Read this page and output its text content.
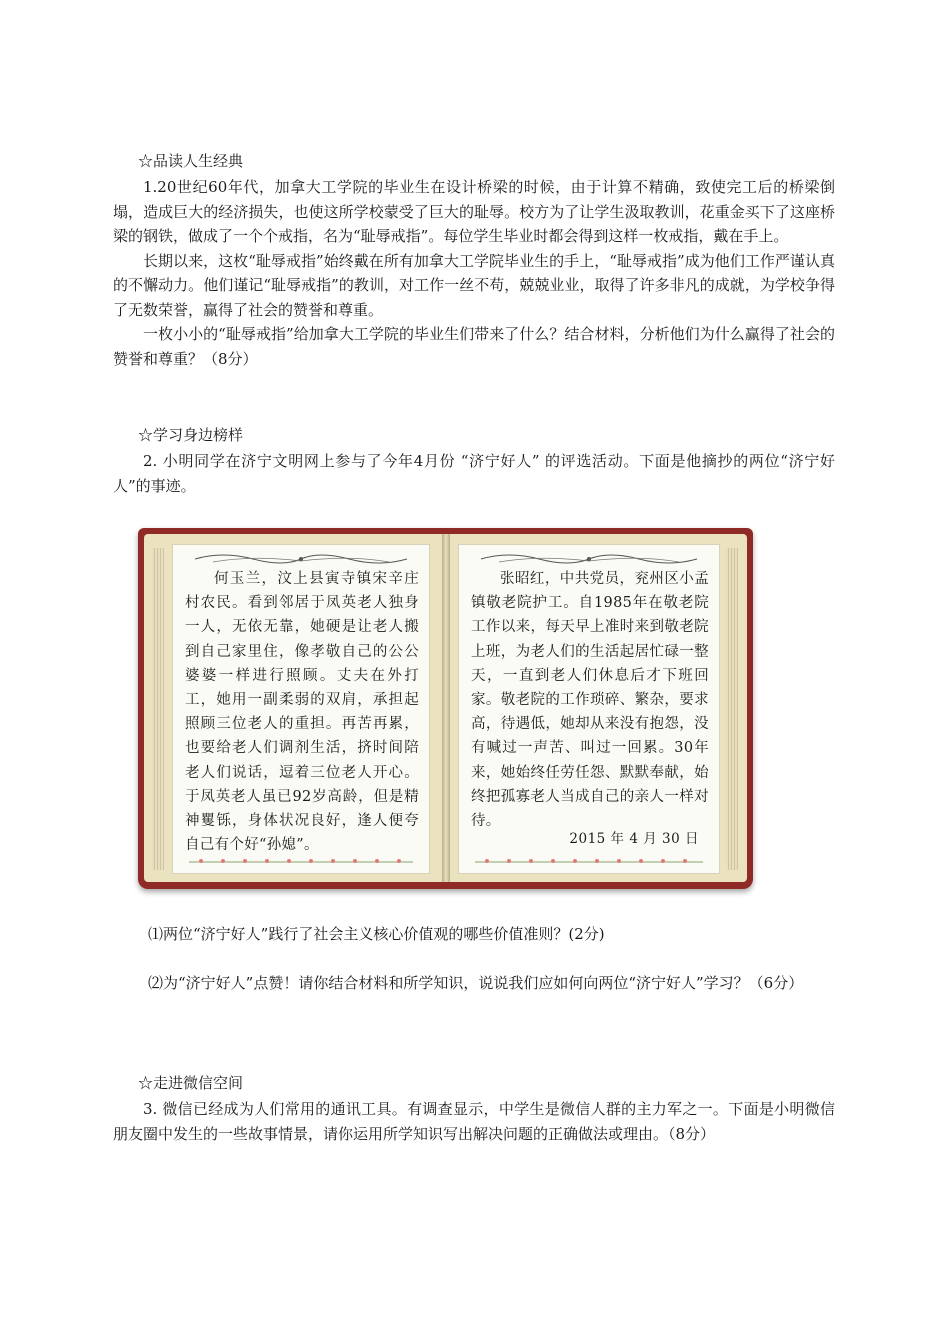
☆品读人生经典

1.20世纪60年代，加拿大工学院的毕业生在设计桥梁的时候，由于计算不精确，致使完工后的桥梁倒塌，造成巨大的经济损失，也使这所学校蒙受了巨大的耻辱。校方为了让学生汲取教训，花重金买下了这座桥梁的钢铁，做成了一个个戒指，名为“耻辱戒指”。每位学生毕业时都会得到这样一枚戒指，戴在手上。

长期以来，这枚“耻辱戒指”始终戴在所有加拿大工学院毕业生的手上，“耻辱戒指”成为他们工作严谨认真的不懈动力。他们谨记“耻辱戒指”的教训，对工作一丝不苟，兢兢业业，取得了许多非凡的成就，为学校争得了无数荣誉，赢得了社会的赞誉和尊重。

一枚小小的“耻辱戒指”给加拿大工学院的毕业生们带来了什么？结合材料，分析他们为什么赢得了社会的赞誉和尊重？（8分）

☆学习身边榜样

2. 小明同学在济宁文明网上参与了今年4月份 “济宁好人” 的评选活动。下面是他摘抄的两位“济宁好人”的事迹。

何玉兰，汶上县寅寺镇宋辛庄村农民。看到邻居于凤英老人独身一人，无依无靠，她硬是让老人搬到自己家里住，像孝敬自己的公公婆婆一样进行照顾。丈夫在外打工，她用一副柔弱的双肩，承担起照顾三位老人的重担。再苦再累，也要给老人们调剂生活，挤时间陪老人们说话，逗着三位老人开心。于凤英老人虽已92岁高龄，但是精神矍铄，身体状况良好，逢人便夸自己有个好“孙媳”。

张昭红，中共党员，兖州区小孟镇敬老院护工。自1985年在敬老院工作以来，每天早上准时来到敬老院上班，为老人们的生活起居忙碌一整天，一直到老人们休息后才下班回家。敬老院的工作琐碎、繁杂，要求高，待遇低，她却从来没有抱怨，没有喊过一声苦、叫过一回累。30年来，她始终任劳任怨、默默奉献，始终把孤寡老人当成自己的亲人一样对待。

2015 年 4 月 30 日
⑴两位“济宁好人”践行了社会主义核心价值观的哪些价值准则？(2分)
⑵为“济宁好人”点赞！请你结合材料和所学知识，说说我们应如何向两位“济宁好人”学习？（6分）
☆走进微信空间

3. 微信已经成为人们常用的通讯工具。有调查显示，中学生是微信人群的主力军之一。下面是小明微信朋友圈中发生的一些故事情景，请你运用所学知识写出解决问题的正确做法或理由。（8分）
